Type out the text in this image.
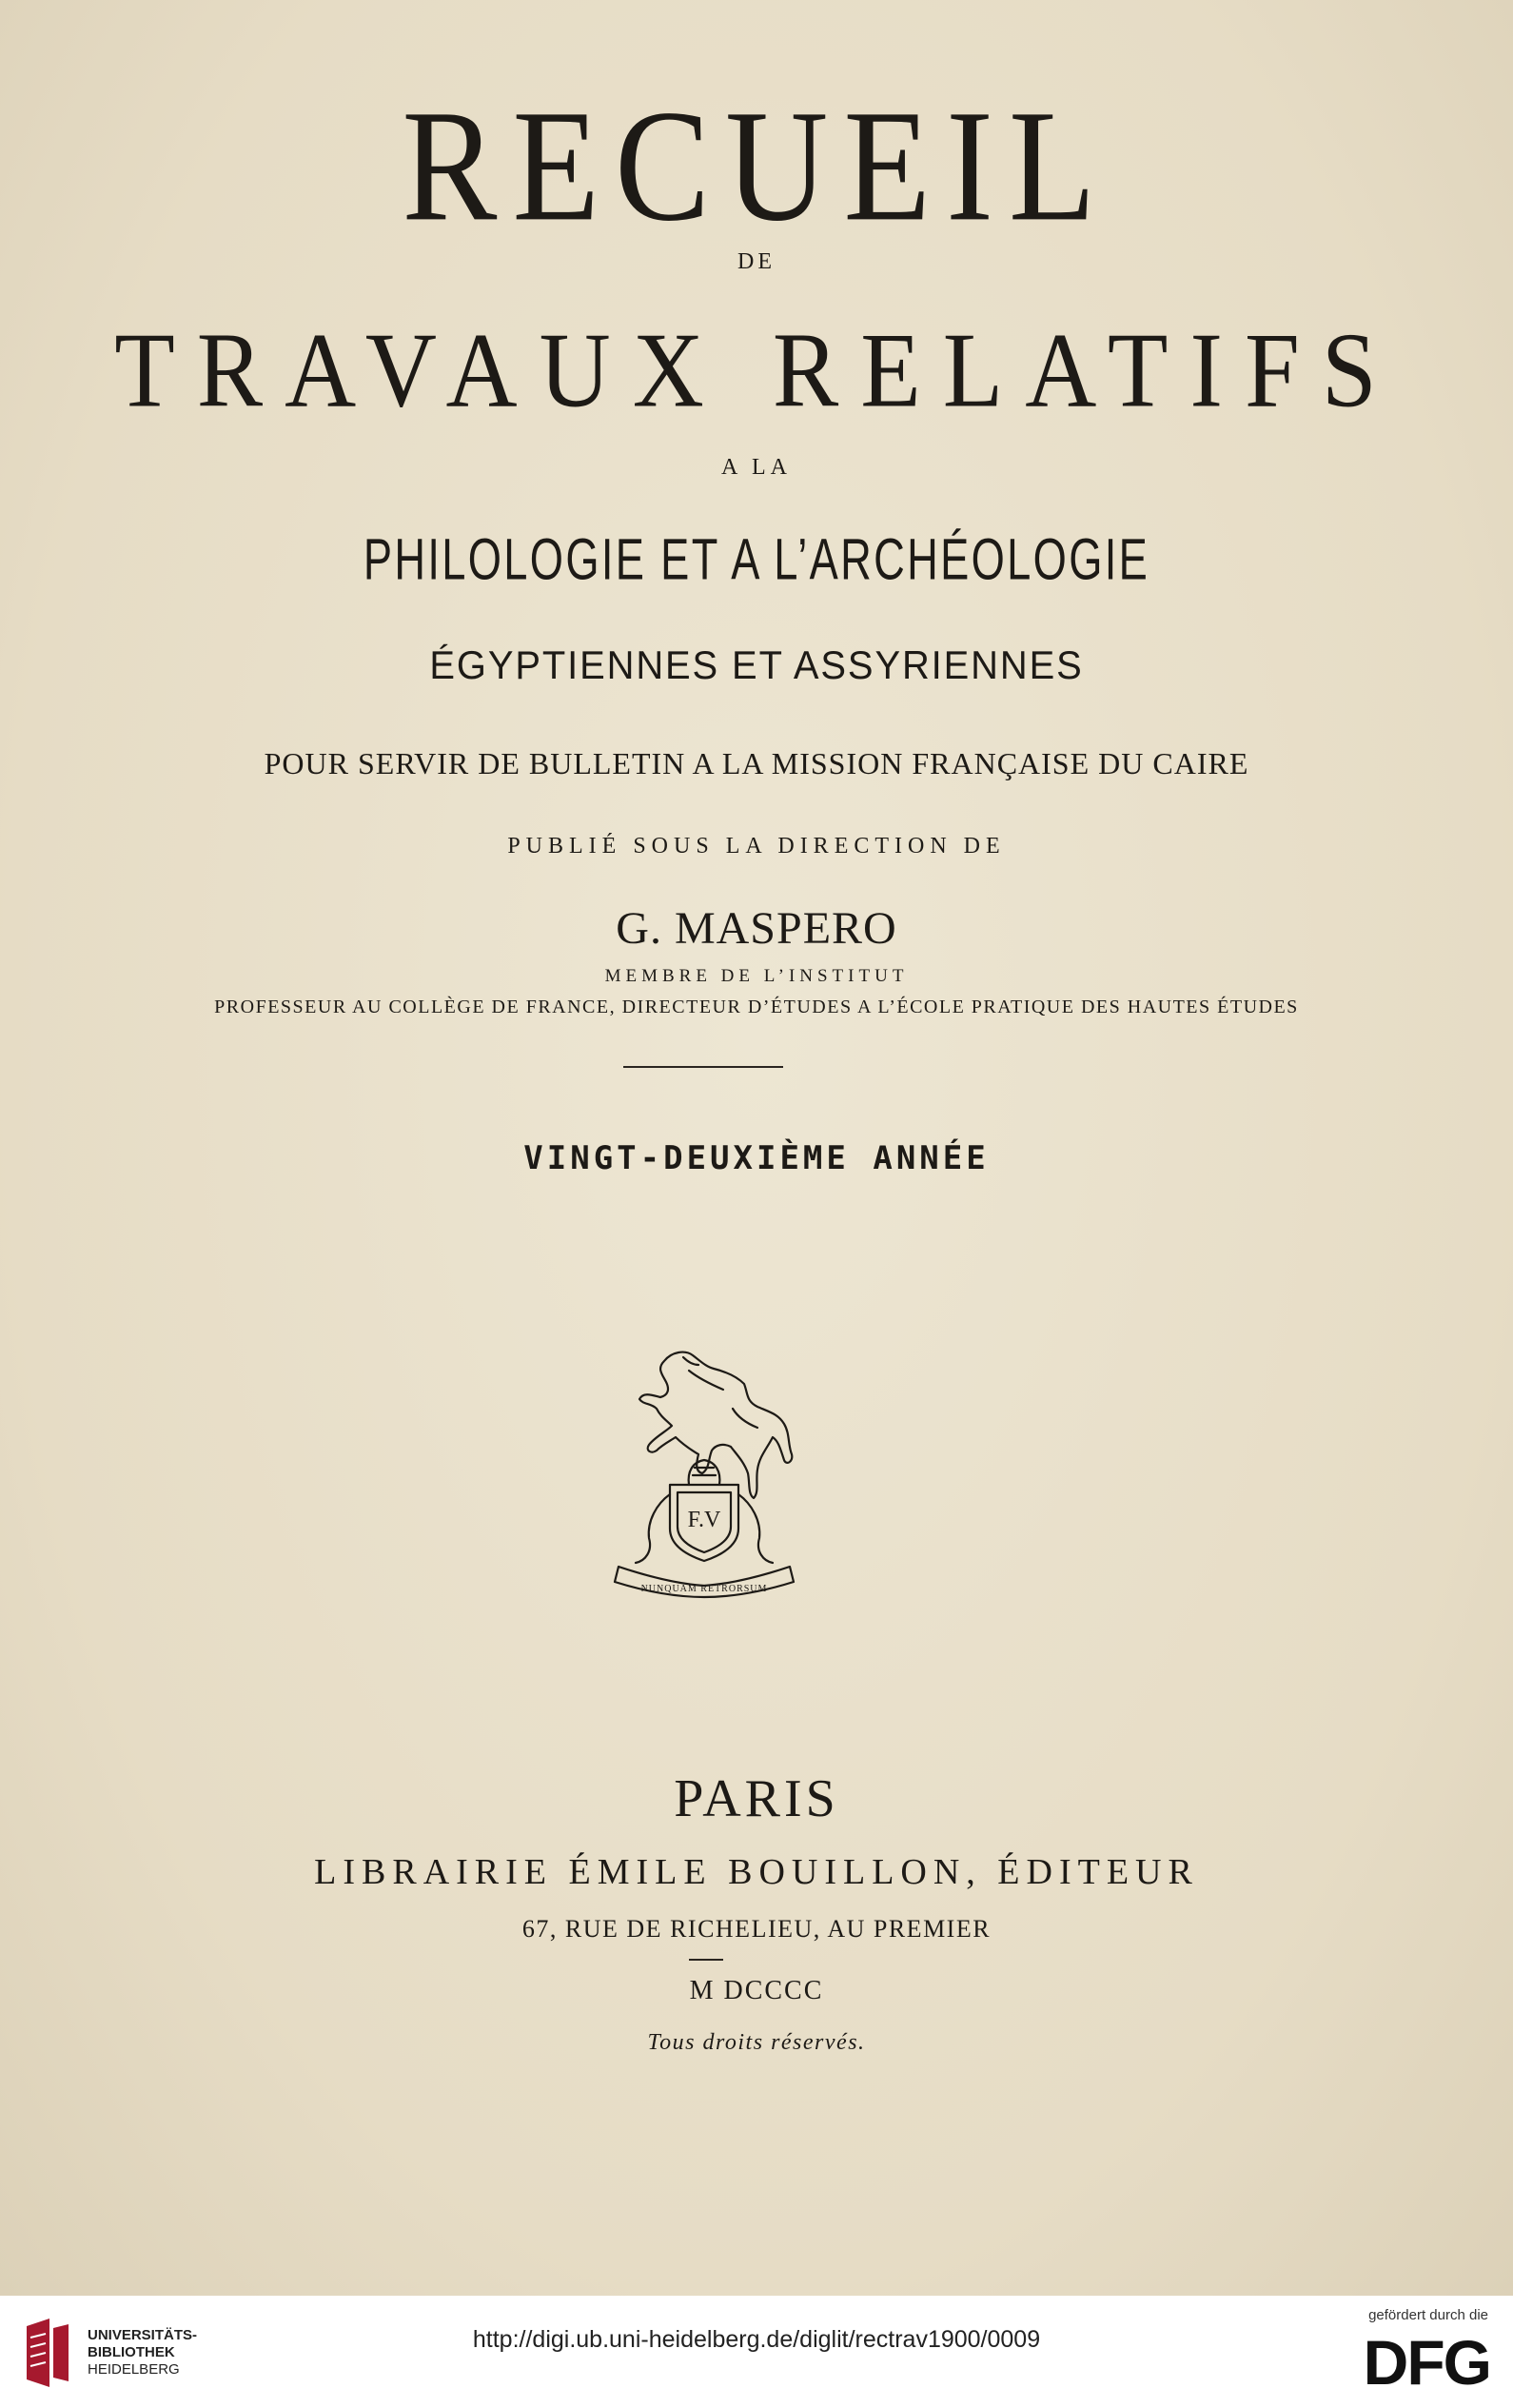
RECUEIL
DE
TRAVAUX RELATIFS
A LA
PHILOLOGIE ET A L’ARCHÉOLOGIE
ÉGYPTIENNES ET ASSYRIENNES
POUR SERVIR DE BULLETIN A LA MISSION FRANÇAISE DU CAIRE
PUBLIÉ SOUS LA DIRECTION DE
G. MASPERO
MEMBRE DE L’INSTITUT
PROFESSEUR AU COLLÈGE DE FRANCE, DIRECTEUR D’ÉTUDES A L’ÉCOLE PRATIQUE DES HAUTES ÉTUDES
VINGT-DEUXIÈME ANNÉE
F.V
NUNQUAM RETRORSUM
PARIS
LIBRAIRIE ÉMILE BOUILLON, ÉDITEUR
67, RUE DE RICHELIEU, AU PREMIER
M DCCCC
Tous droits réservés.
UNIVERSITÄTS-
BIBLIOTHEK
HEIDELBERG
http://digi.ub.uni-heidelberg.de/diglit/rectrav1900/0009
gefördert durch die
DFG
